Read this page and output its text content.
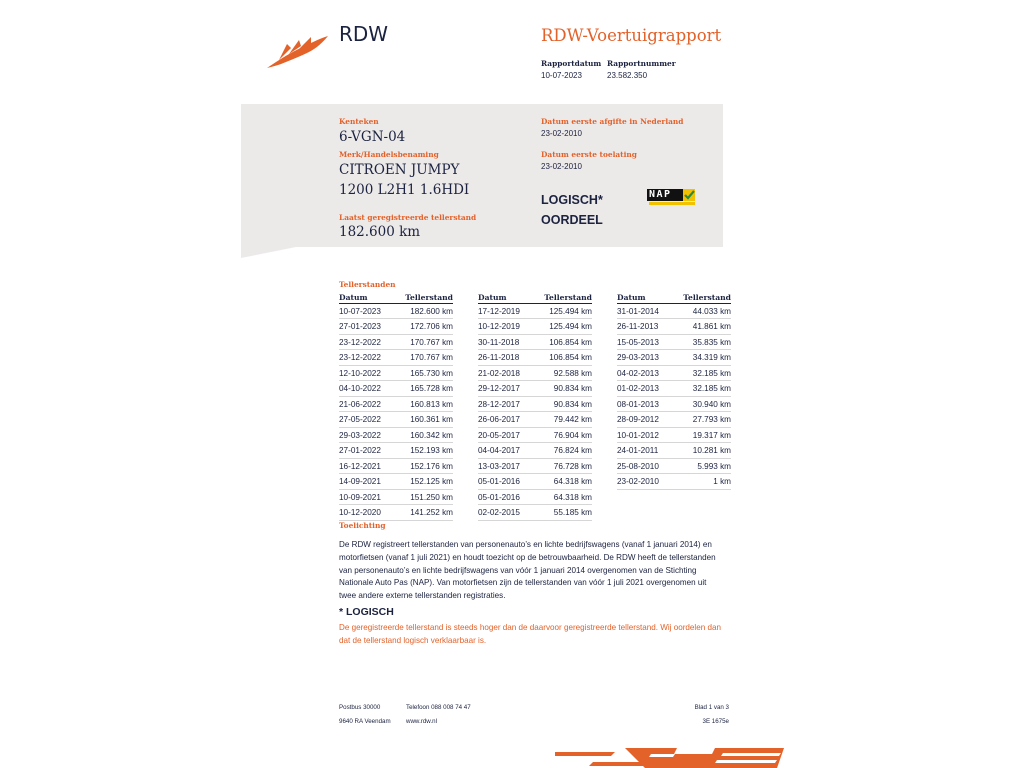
RDW	RDW-Voertuigrapport
Rapportdatum
10-07-2023
Rapportnummer
23.582.350
Kenteken
6-VGN-04
Merk/Handelsbenaming
CITROEN JUMPY
1200 L2H1 1.6HDI
Laatst geregistreerde tellerstand
182.600 km
Datum eerste afgifte in Nederland
23-02-2010
Datum eerste toelating
23-02-2010
LOGISCH*
OORDEEL
NAP
Tellerstanden
Datum	Tellerstand
10-07-2023	182.600 km
27-01-2023	172.706 km
23-12-2022	170.767 km
23-12-2022	170.767 km
12-10-2022	165.730 km
04-10-2022	165.728 km
21-06-2022	160.813 km
27-05-2022	160.361 km
29-03-2022	160.342 km
27-01-2022	152.193 km
16-12-2021	152.176 km
14-09-2021	152.125 km
10-09-2021	151.250 km
10-12-2020	141.252 km
Datum	Tellerstand
17-12-2019	125.494 km
10-12-2019	125.494 km
30-11-2018	106.854 km
26-11-2018	106.854 km
21-02-2018	92.588 km
29-12-2017	90.834 km
28-12-2017	90.834 km
26-06-2017	79.442 km
20-05-2017	76.904 km
04-04-2017	76.824 km
13-03-2017	76.728 km
05-01-2016	64.318 km
05-01-2016	64.318 km
02-02-2015	55.185 km
Datum	Tellerstand
31-01-2014	44.033 km
26-11-2013	41.861 km
15-05-2013	35.835 km
29-03-2013	34.319 km
04-02-2013	32.185 km
01-02-2013	32.185 km
08-01-2013	30.940 km
28-09-2012	27.793 km
10-01-2012	19.317 km
24-01-2011	10.281 km
25-08-2010	5.993 km
23-02-2010	1 km
Toelichting
De RDW registreert tellerstanden van personenauto’s en lichte bedrijfswagens (vanaf 1 januari 2014) en
motorfietsen (vanaf 1 juli 2021) en houdt toezicht op de betrouwbaarheid. De RDW heeft de tellerstanden
van personenauto’s en lichte bedrijfswagens van vóór 1 januari 2014 overgenomen van de Stichting
Nationale Auto Pas (NAP). Van motorfietsen zijn de tellerstanden van vóór 1 juli 2021 overgenomen uit
twee andere externe tellerstanden registraties.
* LOGISCH
De geregistreerde tellerstand is steeds hoger dan de daarvoor geregistreerde tellerstand. Wij oordelen dan
dat de tellerstand logisch verklaarbaar is.
Postbus 30000
9640 RA Veendam
Telefoon 088 008 74 47
www.rdw.nl
Blad 1 van 3
3E 1675e
